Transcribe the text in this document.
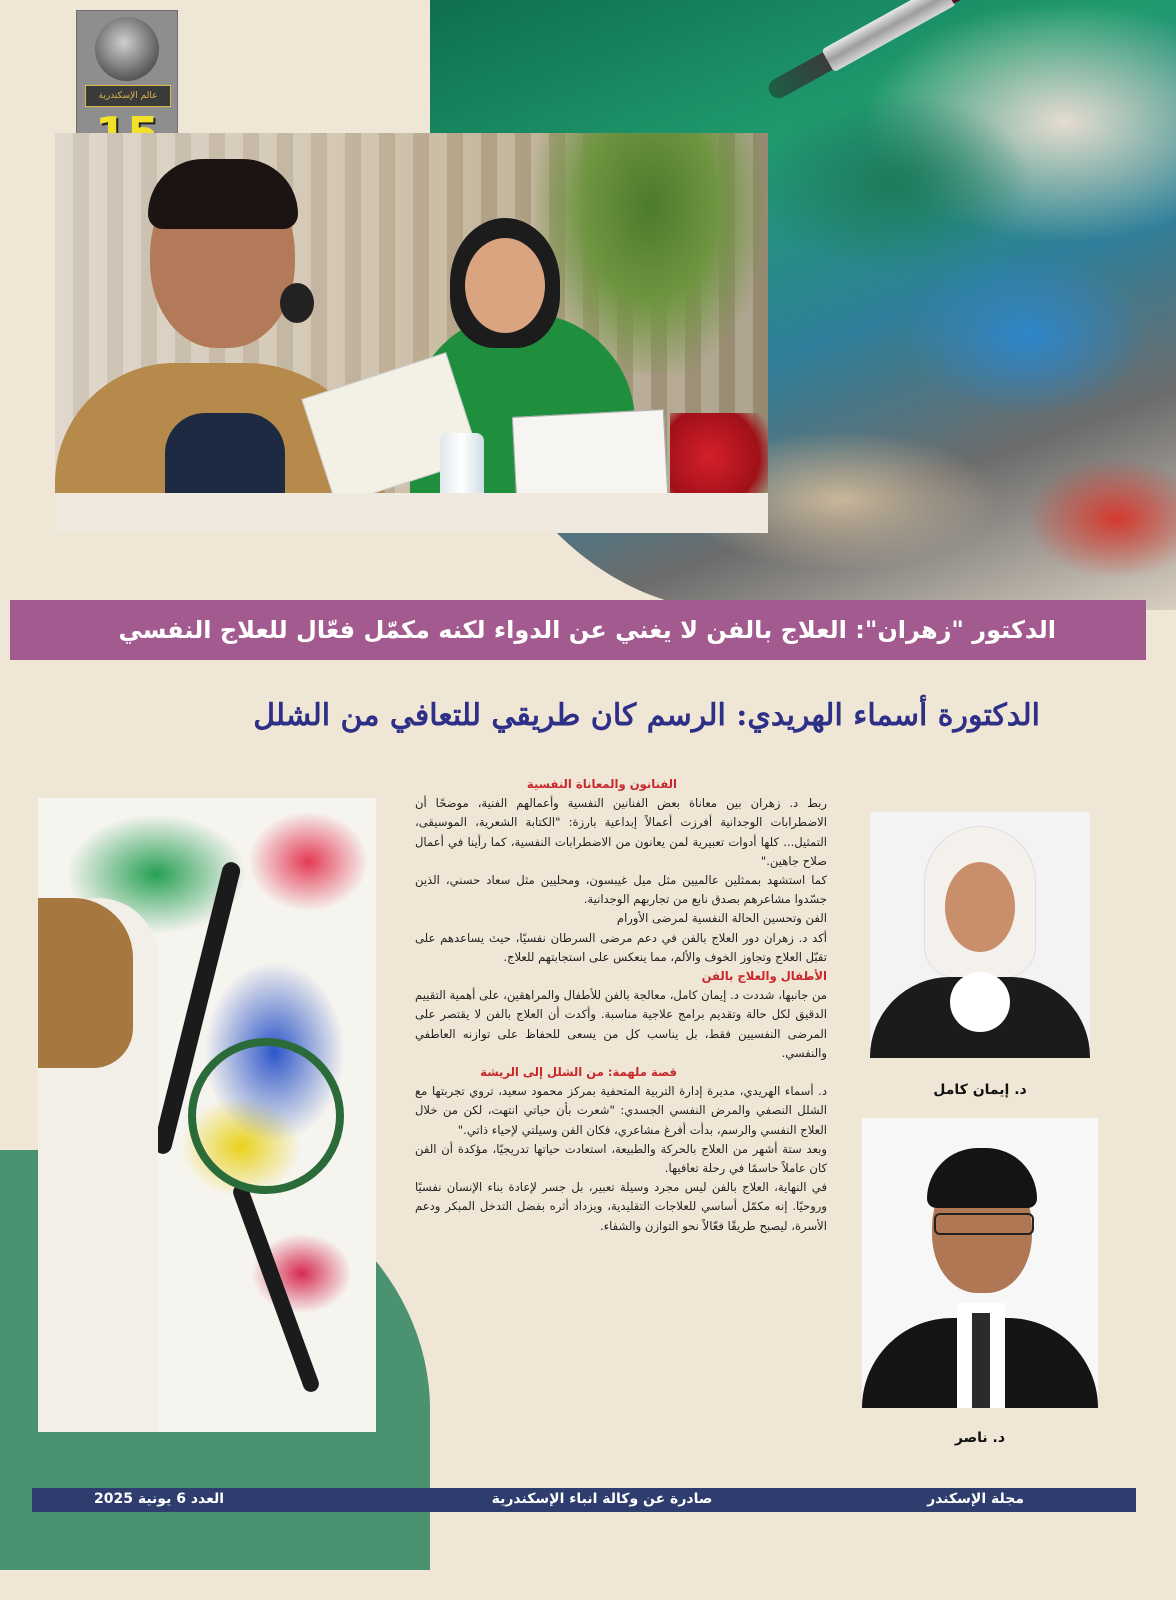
عالم الإسكندرية
الدكتور "زهران": العلاج بالفن لا يغني عن الدواء لكنه مكمّل فعّال للعلاج النفسي
الدكتورة أسماء الهريدي: الرسم كان طريقي للتعافي من الشلل
الفنانون والمعاناة النفسية

ربط د. زهران بين معاناة بعض الفنانين النفسية وأعمالهم الفنية، موضحًا أن الاضطرابات الوجدانية أفرزت أعمالاً إبداعية بارزة: "الكتابة الشعرية، الموسيقى، التمثيل... كلها أدوات تعبيرية لمن يعانون من الاضطرابات النفسية، كما رأينا في أعمال صلاح جاهين."

كما استشهد بممثلين عالميين مثل ميل غيبسون، ومحليين مثل سعاد حسني، الذين جسّدوا مشاعرهم بصدق نابع من تجاربهم الوجدانية.

الفن وتحسين الحالة النفسية لمرضى الأورام

أكد د. زهران دور العلاج بالفن في دعم مرضى السرطان نفسيًا، حيث يساعدهم على تقبّل العلاج وتجاوز الخوف والألم، مما ينعكس على استجابتهم للعلاج.

الأطفال والعلاج بالفن

من جانبها، شددت د. إيمان كامل، معالجة بالفن للأطفال والمراهقين، على أهمية التقييم الدقيق لكل حالة وتقديم برامج علاجية مناسبة. وأكدت أن العلاج بالفن لا يقتصر على المرضى النفسيين فقط، بل يناسب كل من يسعى للحفاظ على توازنه العاطفي والنفسي.

قصة ملهمة: من الشلل إلى الريشة

د. أسماء الهريدي، مديرة إدارة التربية المتحفية بمركز محمود سعيد، تروي تجربتها مع الشلل النصفي والمرض النفسي الجسدي: "شعرت بأن حياتي انتهت، لكن من خلال العلاج النفسي والرسم، بدأت أفرغ مشاعري، فكان الفن وسيلتي لإحياء ذاتي."

وبعد ستة أشهر من العلاج بالحركة والطبيعة، استعادت حياتها تدريجيًا، مؤكدة أن الفن كان عاملاً حاسمًا في رحلة تعافيها.

في النهاية، العلاج بالفن ليس مجرد وسيلة تعبير، بل جسر لإعادة بناء الإنسان نفسيًا وروحيًا. إنه مكمّل أساسي للعلاجات التقليدية، ويزداد أثره بفضل التدخل المبكر ودعم الأسرة، ليصبح طريقًا فعّالاً نحو التوازن والشفاء.

د. إيمان كامل
د. ناصر
مجلة الإسكندر
صادرة عن وكالة انباء الإسكندرية
العدد 6 يونية 2025
